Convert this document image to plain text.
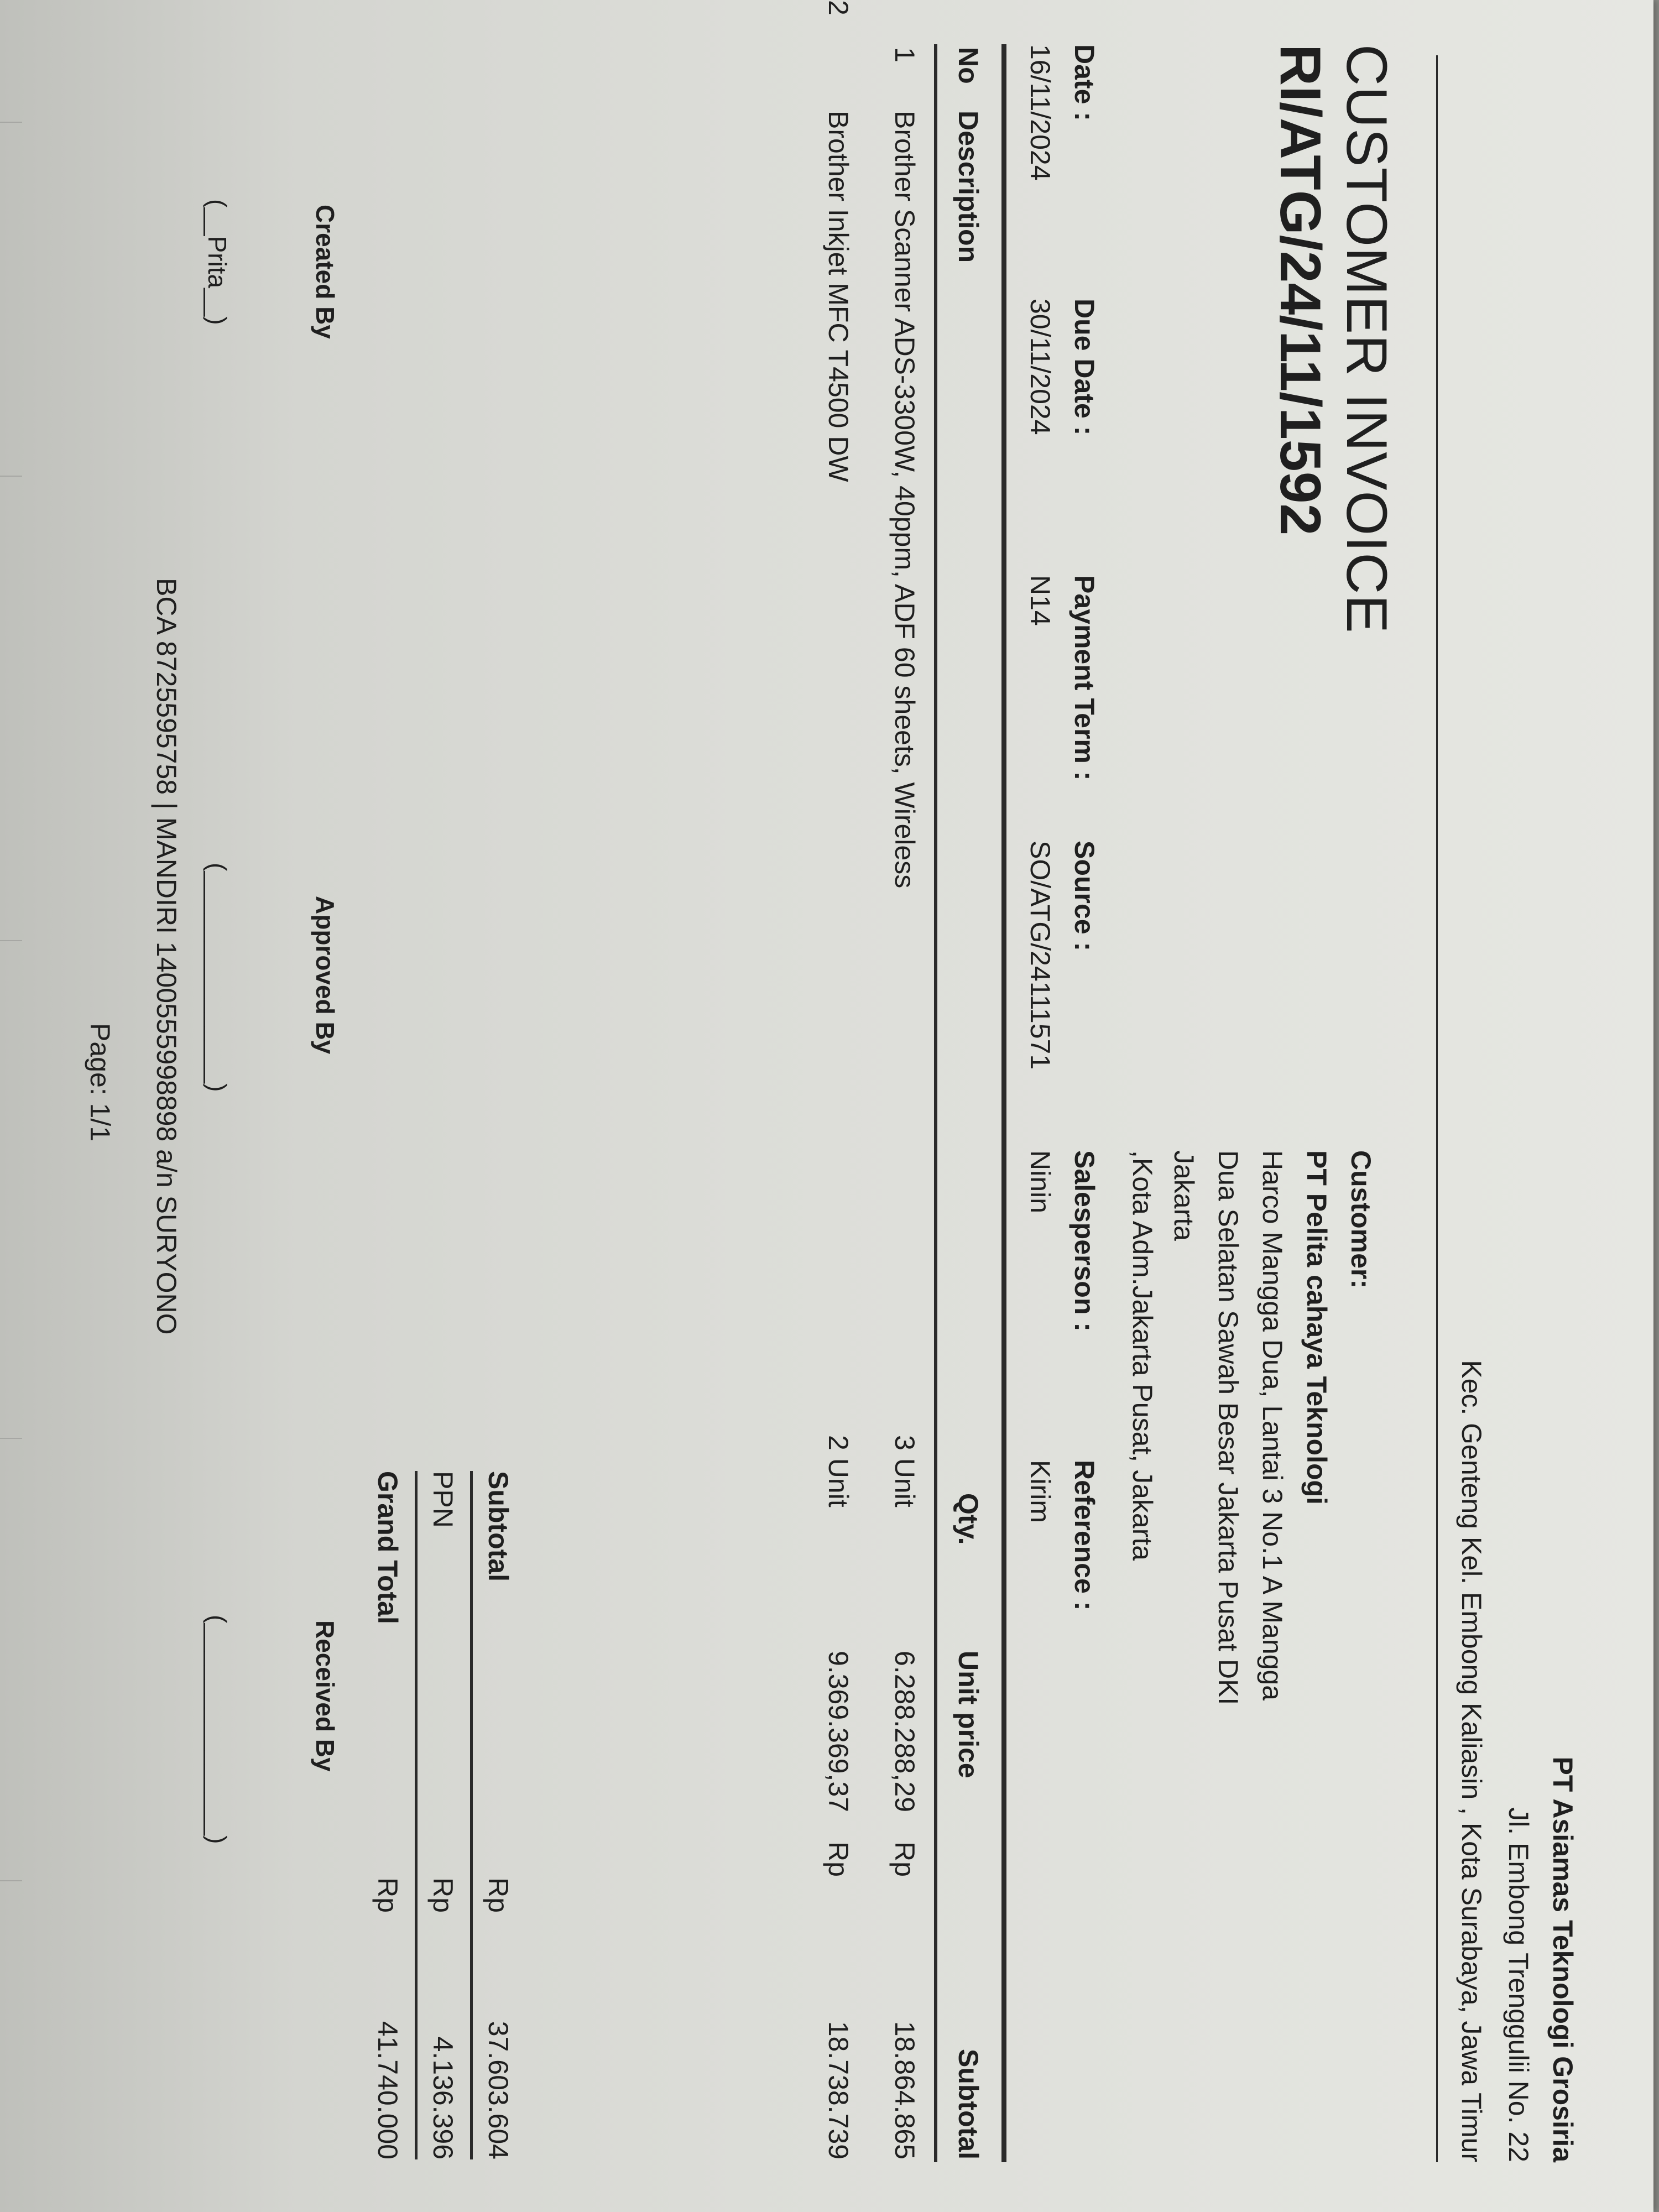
PT Asiamas Teknologi Grosiria
Jl. Embong Trenggulii No. 22
Kec. Genteng Kel. Embong Kaliasin , Kota Surabaya, Jawa Timur
CUSTOMER INVOICE
RI/ATG/24/11/1592
Customer:
PT Pelita cahaya Teknologi
Harco Mangga Dua, Lantai 3 No.1 A Mangga
Dua Selatan Sawah Besar Jakarta Pusat DKI
Jakarta
,Kota Adm.Jakarta Pusat, Jakarta
Date :
16/11/2024
Due Date :
30/11/2024
Payment Term :
N14
Source :
SO/ATG/24111571
Salesperson :
Ninin
Reference :
Kirim
No
Description
Qty.
Unit price
Subtotal
1
Brother Scanner ADS-3300W, 40ppm, ADF 60 sheets, Wireless
3 Unit
6.288.288,29
Rp
18.864.865
2
Brother Inkjet MFC T4500 DW
2 Unit
9.369.369,37
Rp
18.738.739
Subtotal
Rp
37.603.604
PPN
Rp
4.136.396
Grand Total
Rp
41.740.000
Created By
Approved By
Received By
(__Prita__)
(_______________)
(_______________)
BCA 8725595758 | MANDIRI 1400555998898 a/n SURYONO
Page: 1/1
